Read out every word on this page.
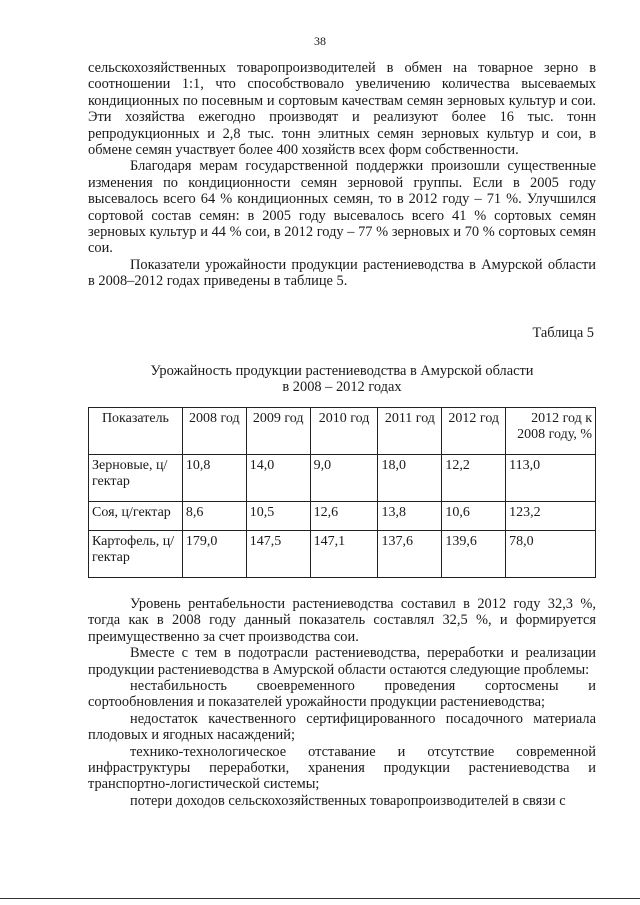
38

сельскохозяйственных товаропроизводителей в обмен на товарное зерно в соотношении 1:1, что способствовало увеличению количества высеваемых кондиционных по посевным и сортовым качествам семян зерновых культур и сои. Эти хозяйства ежегодно производят и реализуют более 16 тыс. тонн репродукционных и 2,8 тыс. тонн элитных семян зерновых культур и сои, в обмене семян участвует более 400 хозяйств всех форм собственности.

Благодаря мерам государственной поддержки произошли существенные изменения по кондиционности семян зерновой группы. Если в 2005 году высевалось всего 64 % кондиционных семян, то в 2012 году – 71 %. Улучшился сортовой состав семян: в 2005 году высевалось всего 41 % сортовых семян зерновых культур и 44 % сои, в 2012 году – 77 % зерновых и 70 % сортовых семян сои.

Показатели урожайности продукции растениеводства в Амурской области в 2008–2012 годах приведены в таблице 5.

Таблица 5
Урожайность продукции растениеводства в Амурской области
в 2008 – 2012 годах
Показатель	2008 год	2009 год	2010 год	2011 год	2012 год	2012 год к 2008 году, %
Зерновые, ц/гектар	10,8	14,0	9,0	18,0	12,2	113,0
Соя, ц/гектар	8,6	10,5	12,6	13,8	10,6	123,2
Картофель, ц/гектар	179,0	147,5	147,1	137,6	139,6	78,0

Уровень рентабельности растениеводства составил в 2012 году 32,3 %, тогда как в 2008 году данный показатель составлял 32,5 %, и формируется преимущественно за счет производства сои.

Вместе с тем в подотрасли растениеводства, переработки и реализации продукции растениеводства в Амурской области остаются следующие проблемы:

нестабильность своевременного проведения сортосмены и сортообновления и показателей урожайности продукции растениеводства;

недостаток качественного сертифицированного посадочного материала плодовых и ягодных насаждений;

технико-технологическое отставание и отсутствие современной инфраструктуры переработки, хранения продукции растениеводства и транспортно-логистической системы;

потери доходов сельскохозяйственных товаропроизводителей в связи с
